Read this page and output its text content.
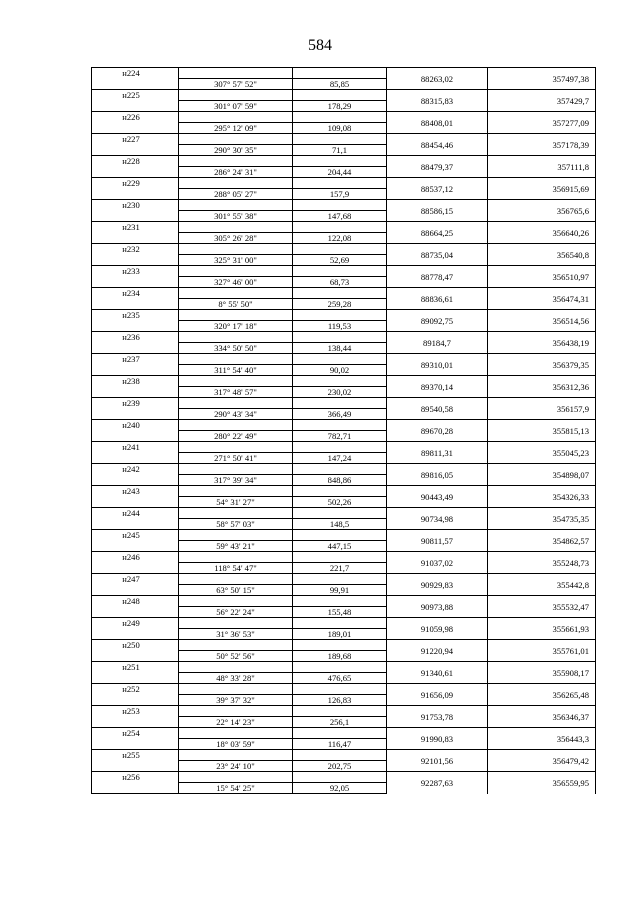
584
н224			88263,02	357497,38
	307° 57' 52"	85,85		
н225			88315,83	357429,7
	301° 07' 59"	178,29		
н226			88408,01	357277,09
	295° 12' 09"	109,08		
н227			88454,46	357178,39
	290° 30' 35"	71,1		
н228			88479,37	357111,8
	286° 24' 31"	204,44		
н229			88537,12	356915,69
	288° 05' 27"	157,9		
н230			88586,15	356765,6
	301° 55' 38"	147,68		
н231			88664,25	356640,26
	305° 26' 28"	122,08		
н232			88735,04	356540,8
	325° 31' 00"	52,69		
н233			88778,47	356510,97
	327° 46' 00"	68,73		
н234			88836,61	356474,31
	8° 55' 50"	259,28		
н235			89092,75	356514,56
	320° 17' 18"	119,53		
н236			89184,7	356438,19
	334° 50' 50"	138,44		
н237			89310,01	356379,35
	311° 54' 40"	90,02		
н238			89370,14	356312,36
	317° 48' 57"	230,02		
н239			89540,58	356157,9
	290° 43' 34"	366,49		
н240			89670,28	355815,13
	280° 22' 49"	782,71		
н241			89811,31	355045,23
	271° 50' 41"	147,24		
н242			89816,05	354898,07
	317° 39' 34"	848,86		
н243			90443,49	354326,33
	54° 31' 27"	502,26		
н244			90734,98	354735,35
	58° 57' 03"	148,5		
н245			90811,57	354862,57
	59° 43' 21"	447,15		
н246			91037,02	355248,73
	118° 54' 47"	221,7		
н247			90929,83	355442,8
	63° 50' 15"	99,91		
н248			90973,88	355532,47
	56° 22' 24"	155,48		
н249			91059,98	355661,93
	31° 36' 53"	189,01		
н250			91220,94	355761,01
	50° 52' 56"	189,68		
н251			91340,61	355908,17
	48° 33' 28"	476,65		
н252			91656,09	356265,48
	39° 37' 32"	126,83		
н253			91753,78	356346,37
	22° 14' 23"	256,1		
н254			91990,83	356443,3
	18° 03' 59"	116,47		
н255			92101,56	356479,42
	23° 24' 10"	202,75		
н256			92287,63	356559,95
	15° 54' 25"	92,05		
